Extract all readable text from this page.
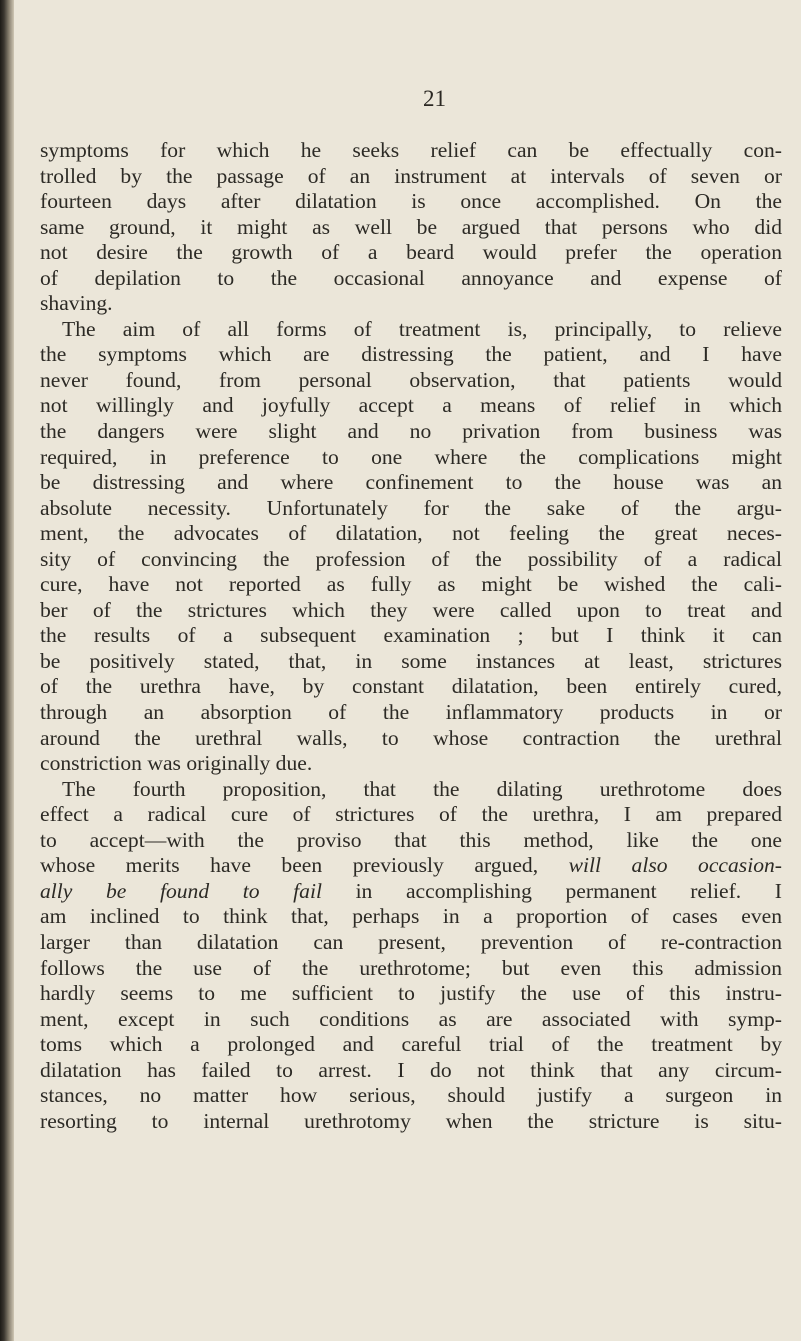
21
symptoms for which he seeks relief can be effectually con-
trolled by the passage of an instrument at intervals of seven or
fourteen days after dilatation is once accomplished. On the
same ground, it might as well be argued that persons who did
not desire the growth of a beard would prefer the operation
of depilation to the occasional annoyance and expense of
shaving.
The aim of all forms of treatment is, principally, to relieve
the symptoms which are distressing the patient, and I have
never found, from personal observation, that patients would
not willingly and joyfully accept a means of relief in which
the dangers were slight and no privation from business was
required, in preference to one where the complications might
be distressing and where confinement to the house was an
absolute necessity. Unfortunately for the sake of the argu-
ment, the advocates of dilatation, not feeling the great neces-
sity of convincing the profession of the possibility of a radical
cure, have not reported as fully as might be wished the cali-
ber of the strictures which they were called upon to treat and
the results of a subsequent examination ; but I think it can
be positively stated, that, in some instances at least, strictures
of the urethra have, by constant dilatation, been entirely cured,
through an absorption of the inflammatory products in or
around the urethral walls, to whose contraction the urethral
constriction was originally due.
The fourth proposition, that the dilating urethrotome does
effect a radical cure of strictures of the urethra, I am prepared
to accept—with the proviso that this method, like the one
whose merits have been previously argued, will also occasion-
ally be found to fail in accomplishing permanent relief. I
am inclined to think that, perhaps in a proportion of cases even
larger than dilatation can present, prevention of re-contraction
follows the use of the urethrotome; but even this admission
hardly seems to me sufficient to justify the use of this instru-
ment, except in such conditions as are associated with symp-
toms which a prolonged and careful trial of the treatment by
dilatation has failed to arrest. I do not think that any circum-
stances, no matter how serious, should justify a surgeon in
resorting to internal urethrotomy when the stricture is situ-
